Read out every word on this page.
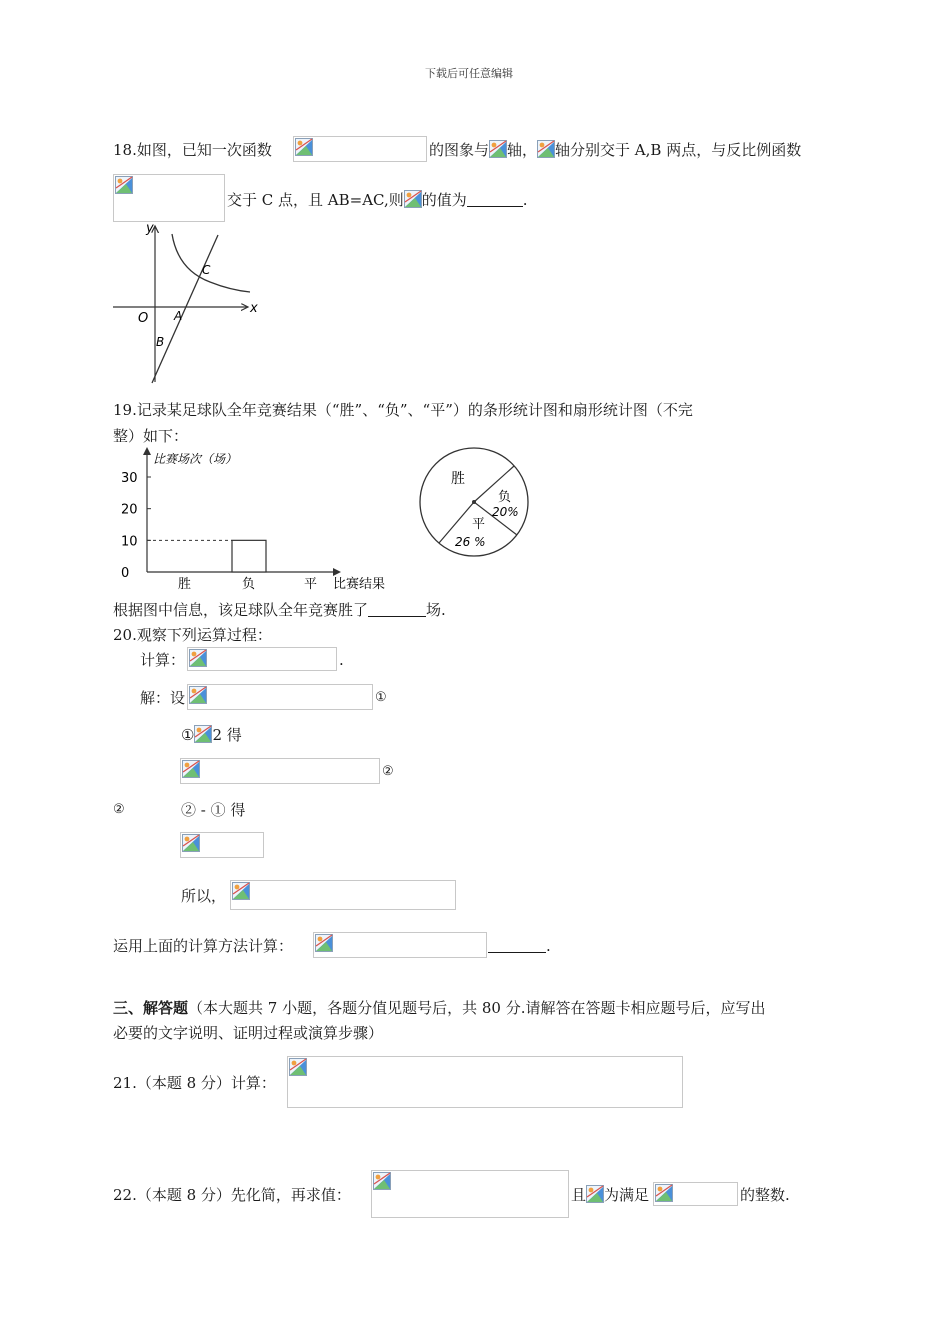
下载后可任意编辑
18.如图，已知一次函数	的图象与 轴， 轴分别交于 A,B 两点，与反比例函数
交于 C 点，且 AB=AC,则 的值为	.
y
x
O A
B
C
19.记录某足球队全年竞赛结果（“胜”、“负”、“平”）的条形统计图和扇形统计图（不完
整）如下：
比赛场次（场）
30
20
10
0
胜	负	平 比赛结果
胜
负
20%
平
26 %
根据图中信息，该足球队全年竞赛胜了	场.
20.观察下列运算过程：
计算：	.
解：设	①
① 2 得
②
②	② - ① 得
所以，
运用上面的计算方法计算：	.
三、解答题（本大题共 7 小题，各题分值见题号后，共 80 分.请解答在答题卡相应题号后，应写出
必要的文字说明、证明过程或演算步骤）
21.（本题 8 分）计算：
22.（本题 8 分）先化简，再求值：	且 为满足	的整数.
